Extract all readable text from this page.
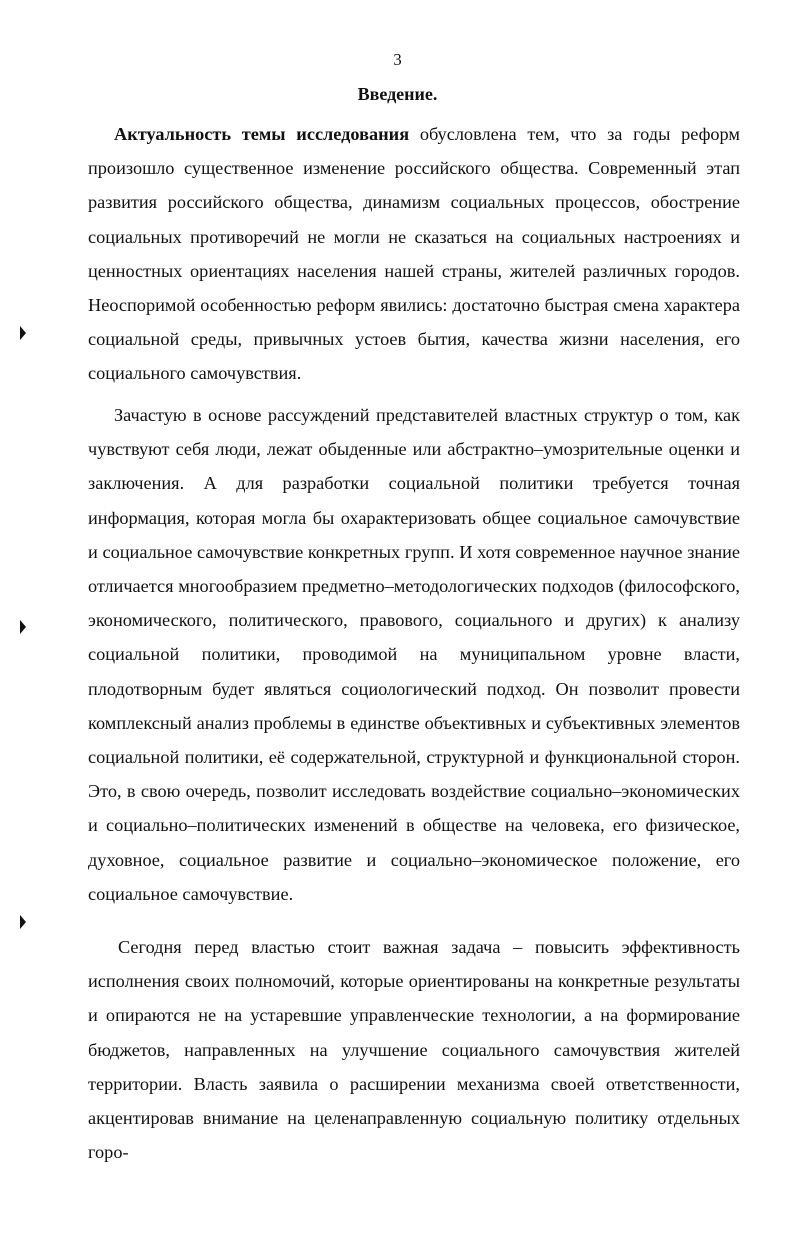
3
Введение.
Актуальность темы исследования обусловлена тем, что за годы реформ произошло существенное изменение российского общества. Современный этап развития российского общества, динамизм социальных процессов, обострение социальных противоречий не могли не сказаться на социальных настроениях и ценностных ориентациях населения нашей страны, жителей различных городов. Неоспоримой особенностью реформ явились: достаточно быстрая смена характера социальной среды, привычных устоев бытия, качества жизни населения, его социального самочувствия.
Зачастую в основе рассуждений представителей властных структур о том, как чувствуют себя люди, лежат обыденные или абстрактно–умозрительные оценки и заключения. А для разработки социальной политики требуется точная информация, которая могла бы охарактеризовать общее социальное самочувствие и социальное самочувствие конкретных групп. И хотя современное научное знание отличается многообразием предметно–методологических подходов (философского, экономического, политического, правового, социального и других) к анализу социальной политики, проводимой на муниципальном уровне власти, плодотворным будет являться социологический подход. Он позволит провести комплексный анализ проблемы в единстве объективных и субъективных элементов социальной политики, её содержательной, структурной и функциональной сторон. Это, в свою очередь, позволит исследовать воздействие социально–экономических и социально–политических изменений в обществе на человека, его физическое, духовное, социальное развитие и социально–экономическое положение, его социальное самочувствие.
Сегодня перед властью стоит важная задача – повысить эффективность исполнения своих полномочий, которые ориентированы на конкретные результаты и опираются не на устаревшие управленческие технологии, а на формирование бюджетов, направленных на улучшение социального самочувствия жителей территории. Власть заявила о расширении механизма своей ответственности, акцентировав внимание на целенаправленную социальную политику отдельных горо-
